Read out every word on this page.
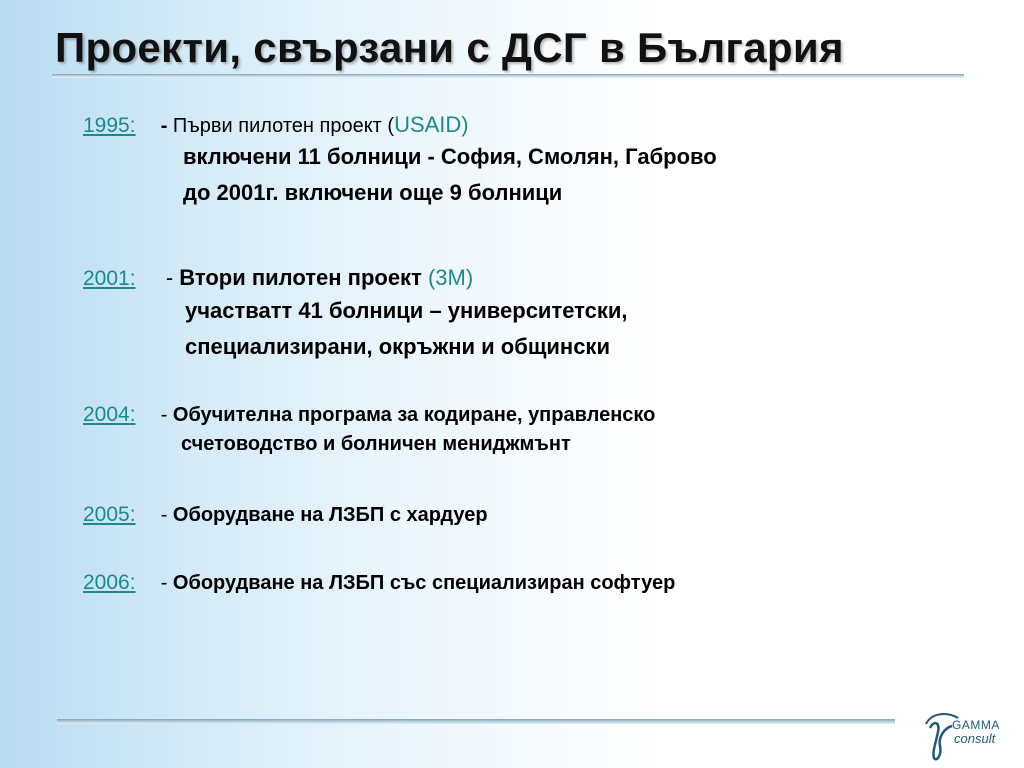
Проекти, свързани с ДСГ в България
1995: - Първи пилотен проект (USAID)
включени 11 болници - София, Смолян, Габрово
до 2001г. включени още 9 болници
2001: - Втори пилотен проект (3M)
участватт 41 болници – университетски,
специализирани, окръжни и общински
2004: - Обучителна програма за кодиране, управленско
счетоводство и болничен мениджмънт
2005: - Оборудване на ЛЗБП с хардуер
2006: - Оборудване на ЛЗБП със специализиран софтуер
GAMMA
consult
